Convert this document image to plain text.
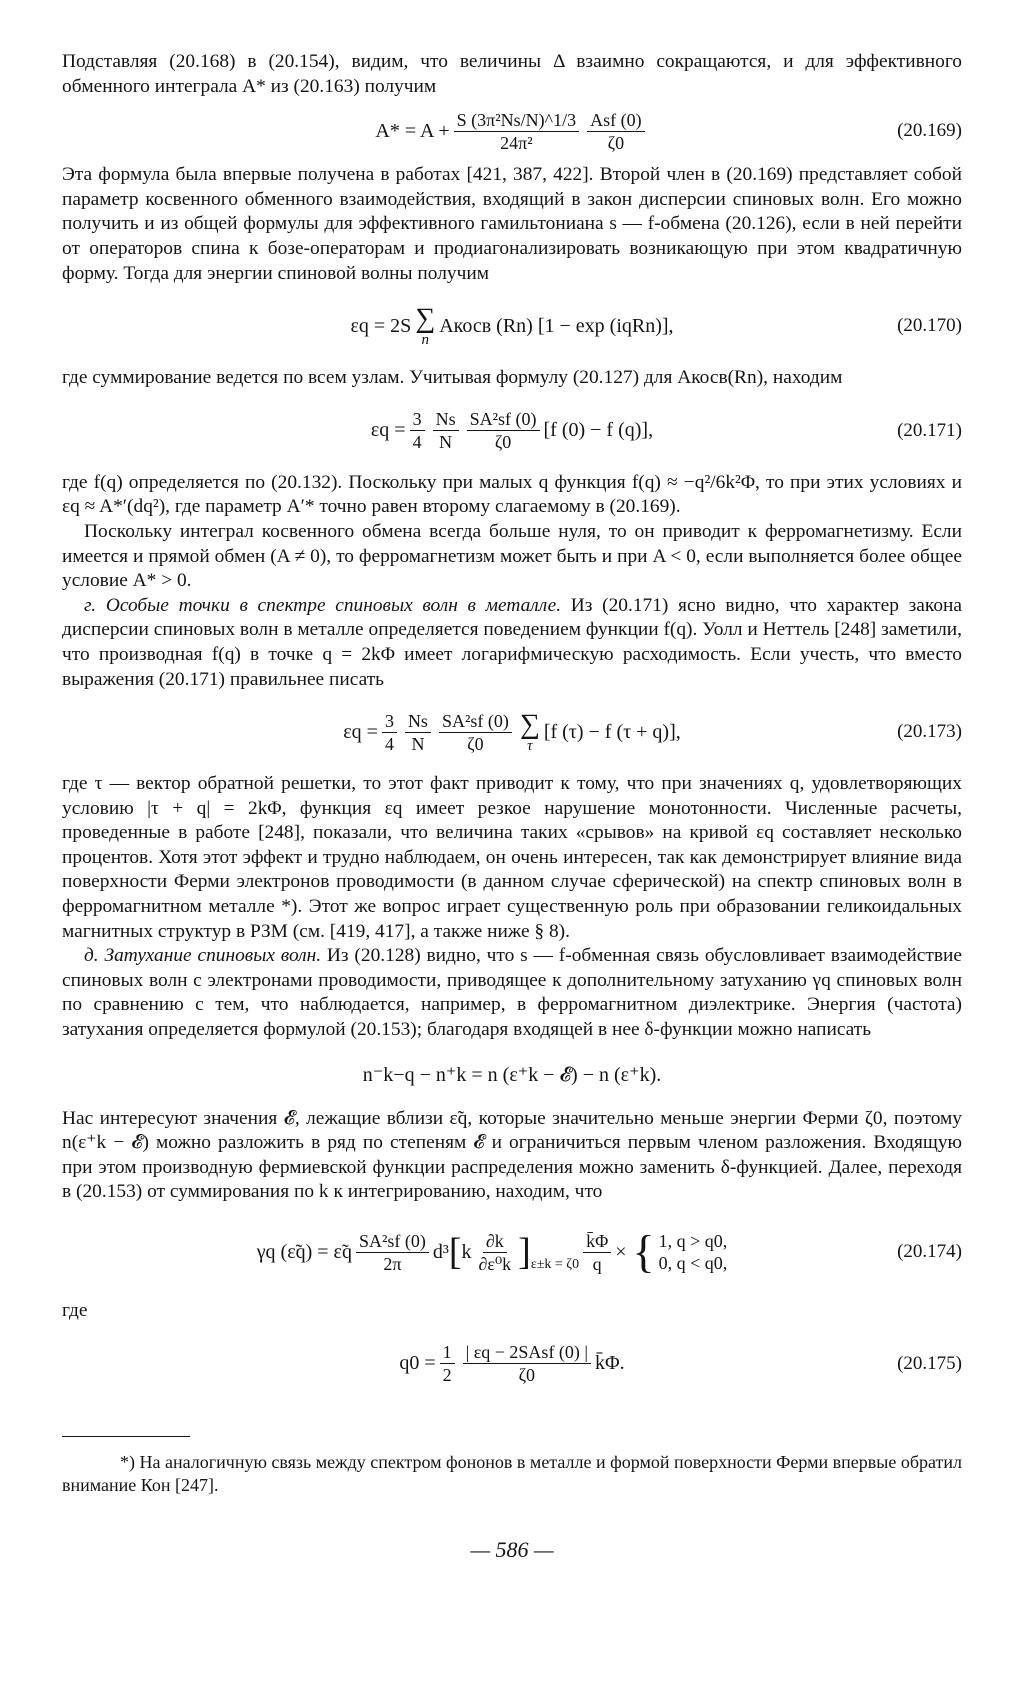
Подставляя (20.168) в (20.154), видим, что величины Δ взаимно сокращаются, и для эффективного обменного интеграла A* из (20.163) получим

$A* = A + \frac{\text{S (3π²Ns/N)\textasciicircum{}1/3}}{\text{24π²}} \frac{\text{Asf (0)}}{\zeta 0}$	(20.169)

Эта формула была впервые получена в работах [421, 387, 422]. Второй член в (20.169) представляет собой параметр косвенного обменного взаимодействия, входящий в закон дисперсии спиновых волн. Его можно получить и из общей формулы для эффективного гамильтониана s — f-обмена (20.126), если в ней перейти от операторов спина к бозе-операторам и продиагонализировать возникающую при этом квадратичную форму. Тогда для энергии спиновой волны получим

εq = 2S ∑
n
Aкосв (Rn) [1 − exp (iqRn)],	(20.170)

где суммирование ведется по всем узлам. Учитывая формулу (20.127) для Aкосв(Rn), находим

$\varepsilon q = \frac{3}{4} \frac{Ns}{N} \frac{\text{SA²sf (0)}}{\zeta 0} [f$ (0) − f (q)],	(20.171)

где f(q) определяется по (20.132). Поскольку при малых q функция f(q) ≈ −q²/6k²Φ, то при этих условиях и εq ≈ A*′(dq²), где параметр A′* точно равен второму слагаемому в (20.169).

Поскольку интеграл косвенного обмена всегда больше нуля, то он приводит к ферромагнетизму. Если имеется и прямой обмен (A ≠ 0), то ферромагнетизм может быть и при A < 0, если выполняется более общее условие A* > 0.

г. Особые точки в спектре спиновых волн в металле. Из (20.171) ясно видно, что характер закона дисперсии спиновых волн в металле определяется поведением функции f(q). Уолл и Неттель [248] заметили, что производная f(q) в точке q = 2kΦ имеет логарифмическую расходимость. Если учесть, что вместо выражения (20.171) правильнее писать

$\varepsilon q = \frac{3}{4} \frac{Ns}{N} \frac{\text{SA²sf (0)}}{\zeta 0}$ ∑
τ
[f (τ) − f (τ + q)],	(20.173)

где τ — вектор обратной решетки, то этот факт приводит к тому, что при значениях q, удовлетворяющих условию |τ + q| = 2kΦ, функция εq имеет резкое нарушение монотонности. Численные расчеты, проведенные в работе [248], показали, что величина таких «срывов» на кривой εq составляет несколько процентов. Хотя этот эффект и трудно наблюдаем, он очень интересен, так как демонстрирует влияние вида поверхности Ферми электронов проводимости (в данном случае сферической) на спектр спиновых волн в ферромагнитном металле *). Этот же вопрос играет существенную роль при образовании геликоидальных магнитных структур в РЗМ (см. [419, 417], а также ниже § 8).

д. Затухание спиновых волн. Из (20.128) видно, что s — f-обменная связь обусловливает взаимодействие спиновых волн с электронами проводимости, приводящее к дополнительному затуханию γq спиновых волн по сравнению с тем, что наблюдается, например, в ферромагнитном диэлектрике. Энергия (частота) затухания определяется формулой (20.153); благодаря входящей в нее δ-функции можно написать

n⁻k−q − n⁺k = n (ε⁺k − 𝓔) − n (ε⁺k).

Нас интересуют значения 𝓔, лежащие вблизи ε̃q, которые значительно меньше энергии Ферми ζ0, поэтому n(ε⁺k − 𝓔) можно разложить в ряд по степеням 𝓔 и ограничиться первым членом разложения. Входящую при этом производную фермиевской функции распределения можно заменить δ-функцией. Далее, переходя в (20.153) от суммирования по k к интегрированию, находим, что

γq (ε̃q) = ε̃q $\frac{\text{SA²sf (0)}}{2\pi} d^3$ [ k $\frac{\partial k}{\text{∂ε⁰k}}$ ] $\varepsilon\pm k = \zeta 0 \frac{k̄\Phi}{q}$ × { 1, q > q0,
0, q < q0,
(20.174)

где

$q0 = \frac{1}{2} \frac{\text{| εq − 2SAsf (0) |}}{\zeta 0}$ k̄Φ.	(20.175)

*) На аналогичную связь между спектром фононов в металле и формой поверхности Ферми впервые обратил внимание Кон [247].

— 586 —
